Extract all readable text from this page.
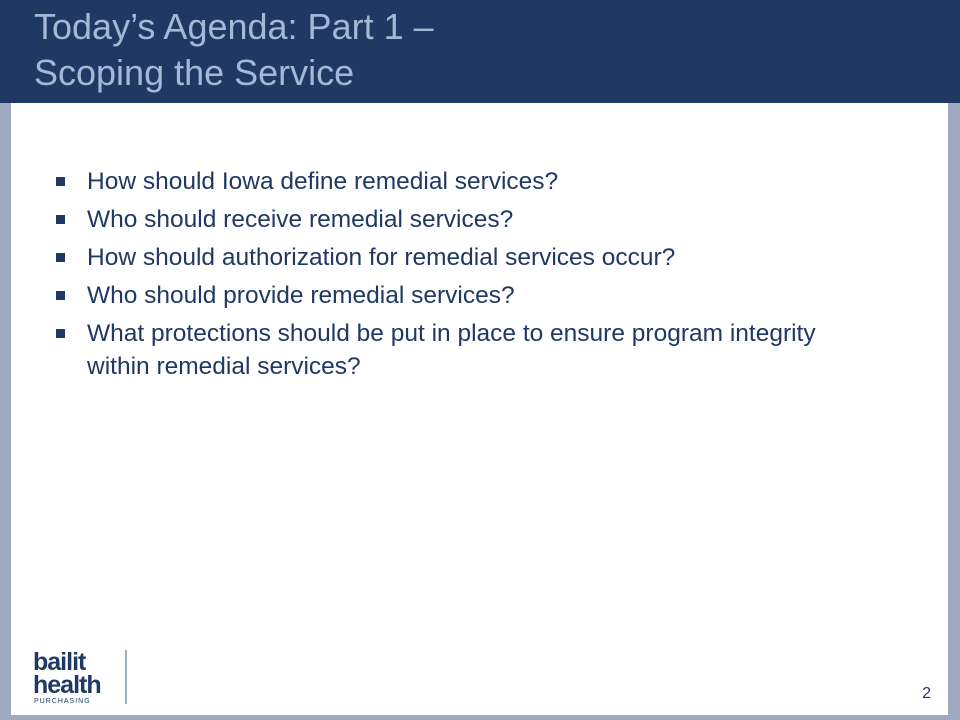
Today’s Agenda: Part 1 –
Scoping the Service
How should Iowa define remedial services?
Who should receive remedial services?
How should authorization for remedial services occur?
Who should provide remedial services?
What protections should be put in place to ensure program integrity within remedial services?
bailit
health
PURCHASING	2
